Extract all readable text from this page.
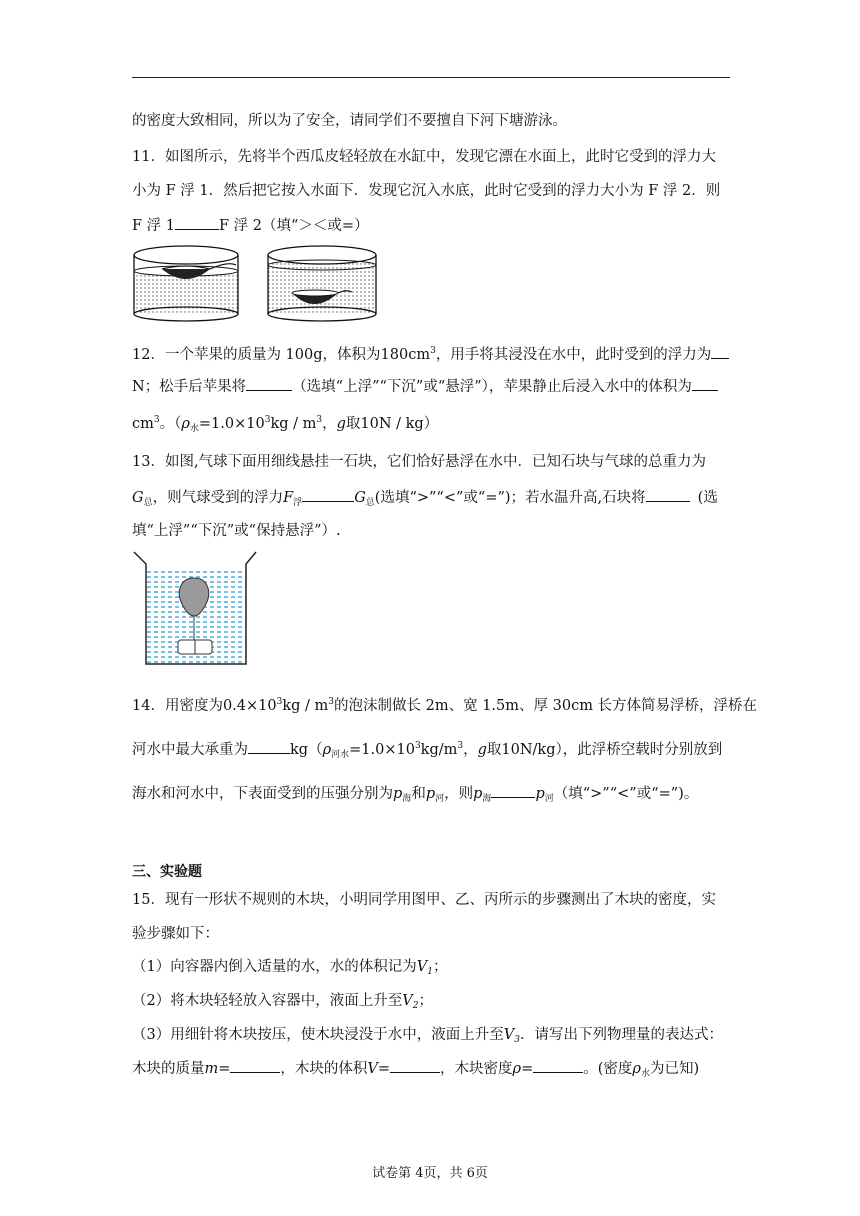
的密度大致相同，所以为了安全，请同学们不要擅自下河下塘游泳。
11．如图所示，先将半个西瓜皮轻轻放在水缸中，发现它漂在水面上，此时它受到的浮力大
小为 F 浮 1．然后把它按入水面下．发现它沉入水底，此时它受到的浮力大小为 F 浮 2．则
F 浮 1	F 浮 2（填“＞＜或=）
12．一个苹果的质量为 100g，体积为$180cm^3$，用手将其浸没在水中，此时受到的浮力为
N；松手后苹果将	（选填“上浮”“下沉”或“悬浮”），苹果静止后浸入水中的体积为
$cm^3$。（$\rho_水=1.0\times 10^3kg / m^3$，g取10N / kg）
13．如图,气球下面用细线悬挂一石块，它们恰好悬浮在水中．已知石块与气球的总重力为
$G_总$，则气球受到的浮力$F_浮$	$G_总$(选填“>”“<”或“=”)；若水温升高,石块将	(选
填“上浮”“下沉”或“保持悬浮”）.
14．用密度为$0.4\times 10^3kg / m^3$的泡沫制做长 2m、宽 1.5m、厚 30cm 长方体简易浮桥，浮桥在
河水中最大承重为	$kg(\rho_{河水}=1.0\times 10^3kg/m^3$，g取10N/kg），此浮桥空载时分别放到
海水和河水中，下表面受到的压强分别为$p_海$和$p_河$，则$p_海$	$p_河$（填“>”“<”或“=”)。
三、实验题
15．现有一形状不规则的木块，小明同学用图甲、乙、丙所示的步骤测出了木块的密度，实
验步骤如下：
（1）向容器内倒入适量的水，水的体积记为$V_1$；
（2）将木块轻轻放入容器中，液面上升至$V_2$；
（3）用细针将木块按压，使木块浸没于水中，液面上升至$V_3$．请写出下列物理量的表达式：
木块的质量m=	，木块的体积V=	，木块密度ρ=	。(密度$\rho_水$为已知)
试卷第 4页，共 6页
